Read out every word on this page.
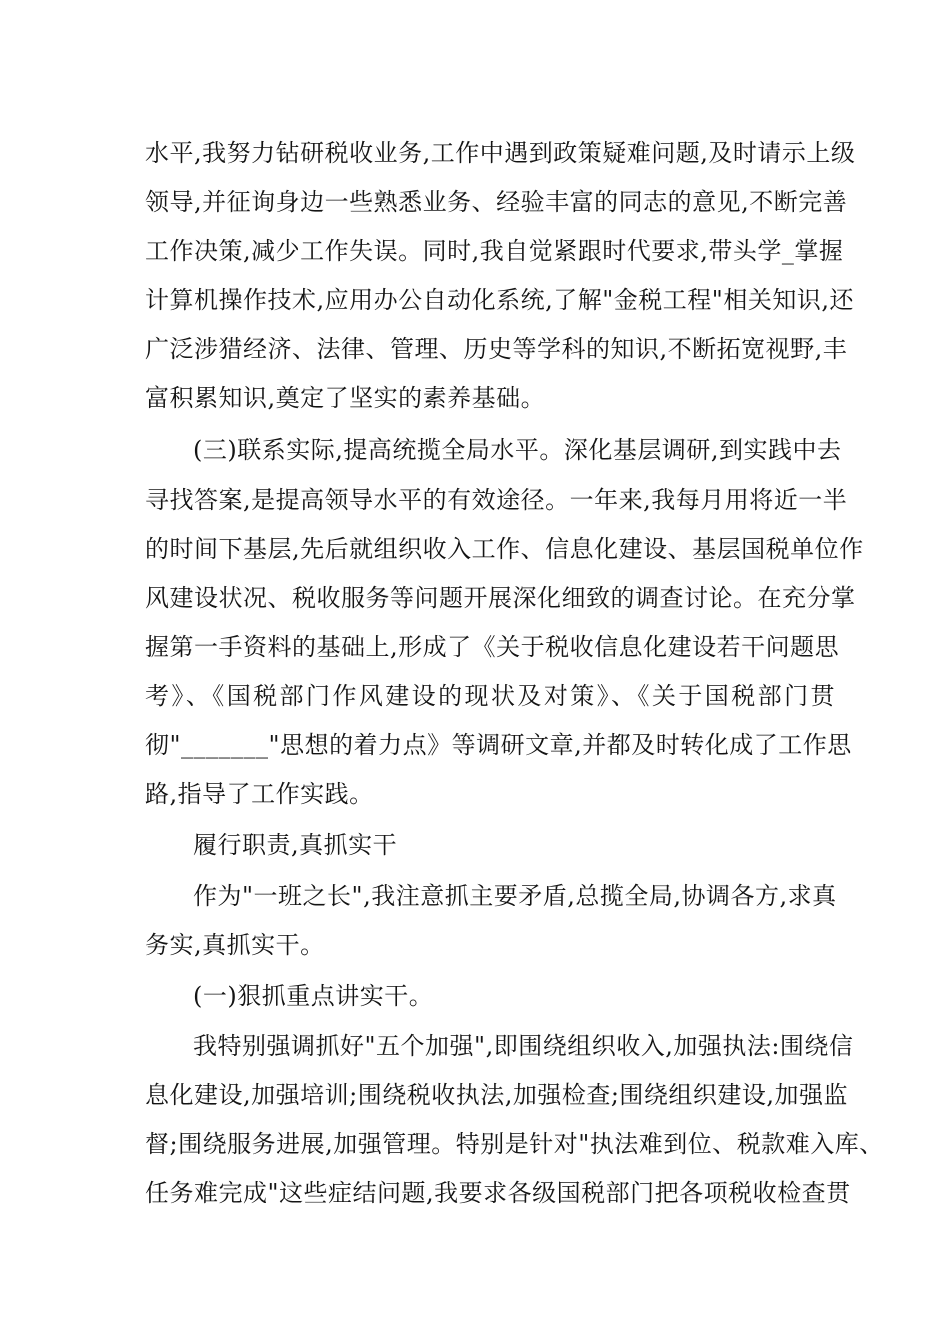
水平,我努力钻研税收业务,工作中遇到政策疑难问题,及时请示上级
领导,并征询身边一些熟悉业务、经验丰富的同志的意见,不断完善
工作决策,减少工作失误。同时,我自觉紧跟时代要求,带头学_掌握
计算机操作技术,应用办公自动化系统,了解"金税工程"相关知识,还
广泛涉猎经济、法律、管理、历史等学科的知识,不断拓宽视野,丰
富积累知识,奠定了坚实的素养基础。
(三)联系实际,提高统揽全局水平。深化基层调研,到实践中去
寻找答案,是提高领导水平的有效途径。一年来,我每月用将近一半
的时间下基层,先后就组织收入工作、信息化建设、基层国税单位作
风建设状况、税收服务等问题开展深化细致的调查讨论。在充分掌
握第一手资料的基础上,形成了《关于税收信息化建设若干问题思
考》、《国税部门作风建设的现状及对策》、《关于国税部门贯
彻"_______"思想的着力点》等调研文章,并都及时转化成了工作思
路,指导了工作实践。
履行职责,真抓实干
作为"一班之长",我注意抓主要矛盾,总揽全局,协调各方,求真
务实,真抓实干。
(一)狠抓重点讲实干。
我特别强调抓好"五个加强",即围绕组织收入,加强执法:围绕信
息化建设,加强培训;围绕税收执法,加强检查;围绕组织建设,加强监
督;围绕服务进展,加强管理。特别是针对"执法难到位、税款难入库、
任务难完成"这些症结问题,我要求各级国税部门把各项税收检查贯
